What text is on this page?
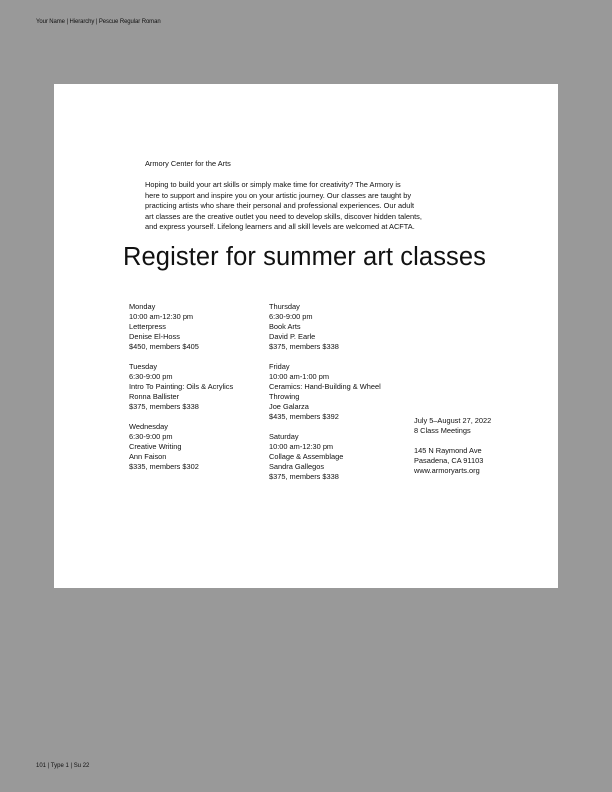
Your Name | Hierarchy | Pescue Regular Roman
Armory Center for the Arts
Hoping to build your art skills or simply make time for creativity? The Armory is
here to support and inspire you on your artistic journey. Our classes are taught by
practicing artists who share their personal and professional experiences. Our adult
art classes are the creative outlet you need to develop skills, discover hidden talents,
and express yourself. Lifelong learners and all skill levels are welcomed at ACFTA.
Register for summer art classes
Monday
10:00 am-12:30 pm
Letterpress
Denise El-Hoss
$450, members $405
Tuesday
6:30-9:00 pm
Intro To Painting: Oils & Acrylics
Ronna Ballister
$375, members $338
Wednesday
6:30-9:00 pm
Creative Writing
Ann Faison
$335, members $302
Thursday
6:30-9:00 pm
Book Arts
David P. Earle
$375, members $338
Friday
10:00 am-1:00 pm
Ceramics: Hand-Building & Wheel
Throwing
Joe Galarza
$435, members $392
Saturday
10:00 am-12:30 pm
Collage & Assemblage
Sandra Gallegos
$375, members $338
July 5–August 27, 2022
8 Class Meetings
145 N Raymond Ave
Pasadena, CA 91103
www.armoryarts.org
101 | Type 1 | Su 22
